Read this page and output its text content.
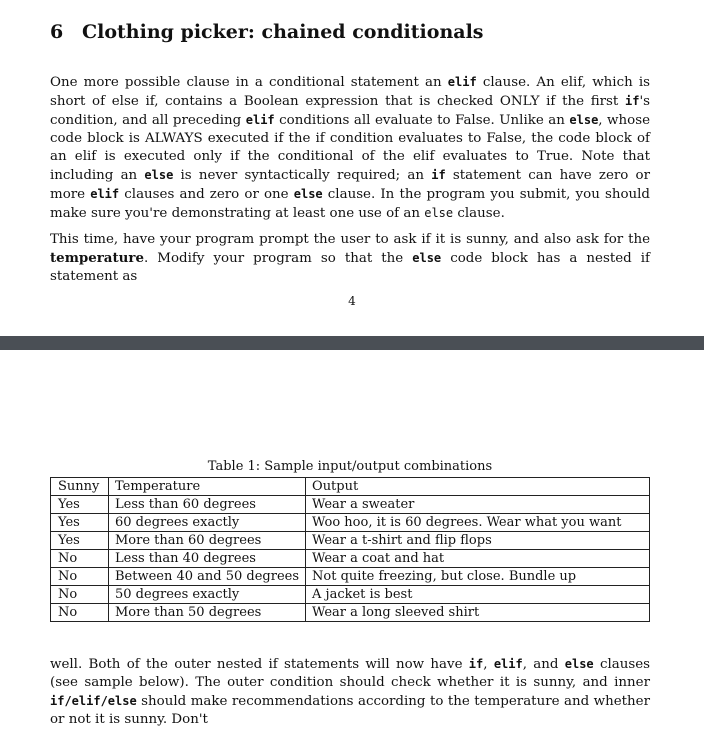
6 Clothing picker: chained conditionals

One more possible clause in a conditional statement an elif clause. An elif, which is short of else if, contains a Boolean expression that is checked ONLY if the first if's condition, and all preceding elif conditions all evaluate to False. Unlike an else, whose code block is ALWAYS executed if the if condition evaluates to False, the code block of an elif is executed only if the conditional of the elif evaluates to True. Note that including an else is never syntactically required; an if statement can have zero or more elif clauses and zero or one else clause. In the program you submit, you should make sure you're demonstrating at least one use of an else clause.

This time, have your program prompt the user to ask if it is sunny, and also ask for the temperature. Modify your program so that the else code block has a nested if statement as

4
Table 1: Sample input/output combinations
Sunny	Temperature	Output
Yes	Less than 60 degrees	Wear a sweater
Yes	60 degrees exactly	Woo hoo, it is 60 degrees. Wear what you want
Yes	More than 60 degrees	Wear a t-shirt and flip flops
No	Less than 40 degrees	Wear a coat and hat
No	Between 40 and 50 degrees	Not quite freezing, but close. Bundle up
No	50 degrees exactly	A jacket is best
No	More than 50 degrees	Wear a long sleeved shirt

well. Both of the outer nested if statements will now have if, elif, and else clauses (see sample below). The outer condition should check whether it is sunny, and inner if/elif/else should make recommendations according to the temperature and whether or not it is sunny. Don't
